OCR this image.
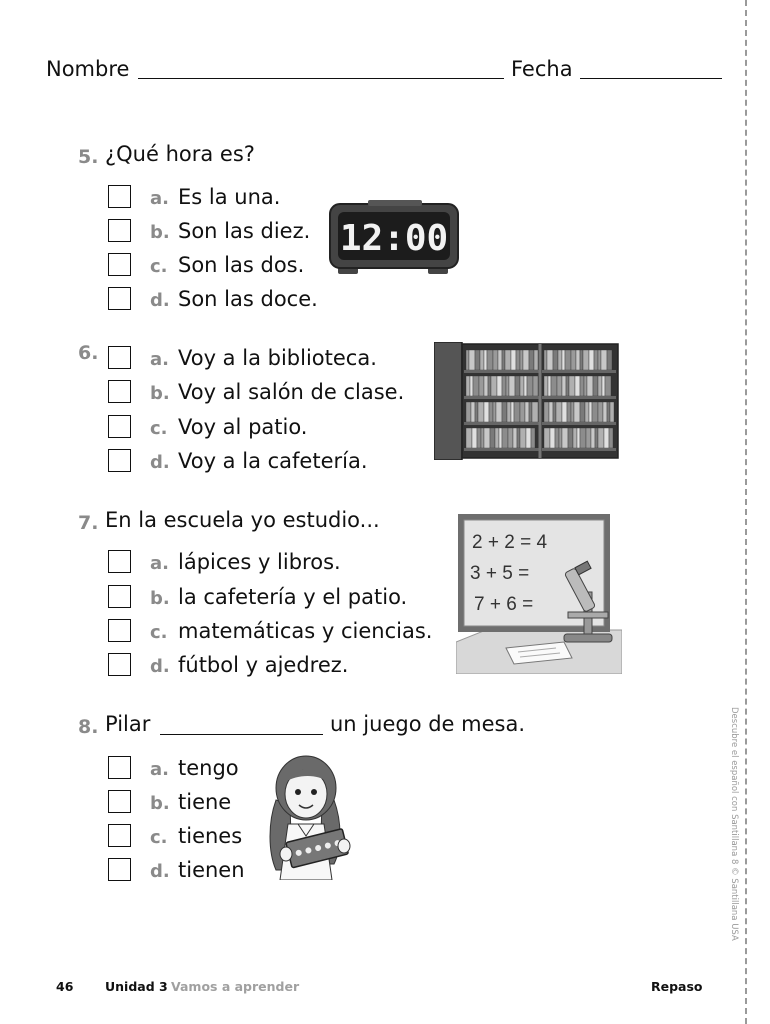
Nombre	Fecha
5. ¿Qué hora es?
a. Es la una.
b. Son las diez.
c. Son las dos.
d. Son las doce.
12:00
6.	a. Voy a la biblioteca.
b. Voy al salón de clase.
c. Voy al patio.
d. Voy a la cafetería.
7. En la escuela yo estudio...
a. lápices y libros.
b. la cafetería y el patio.
c. matemáticas y ciencias.
d. fútbol y ajedrez.
2 + 2 = 4
3 + 5 =
7 + 6 =
8. Pilar	un juego de mesa.
a. tengo
b. tiene
c. tienes
d. tienen	Descubre el español con Santillana 8 © Santillana USA
46	Unidad 3 Vamos a aprender	Repaso
